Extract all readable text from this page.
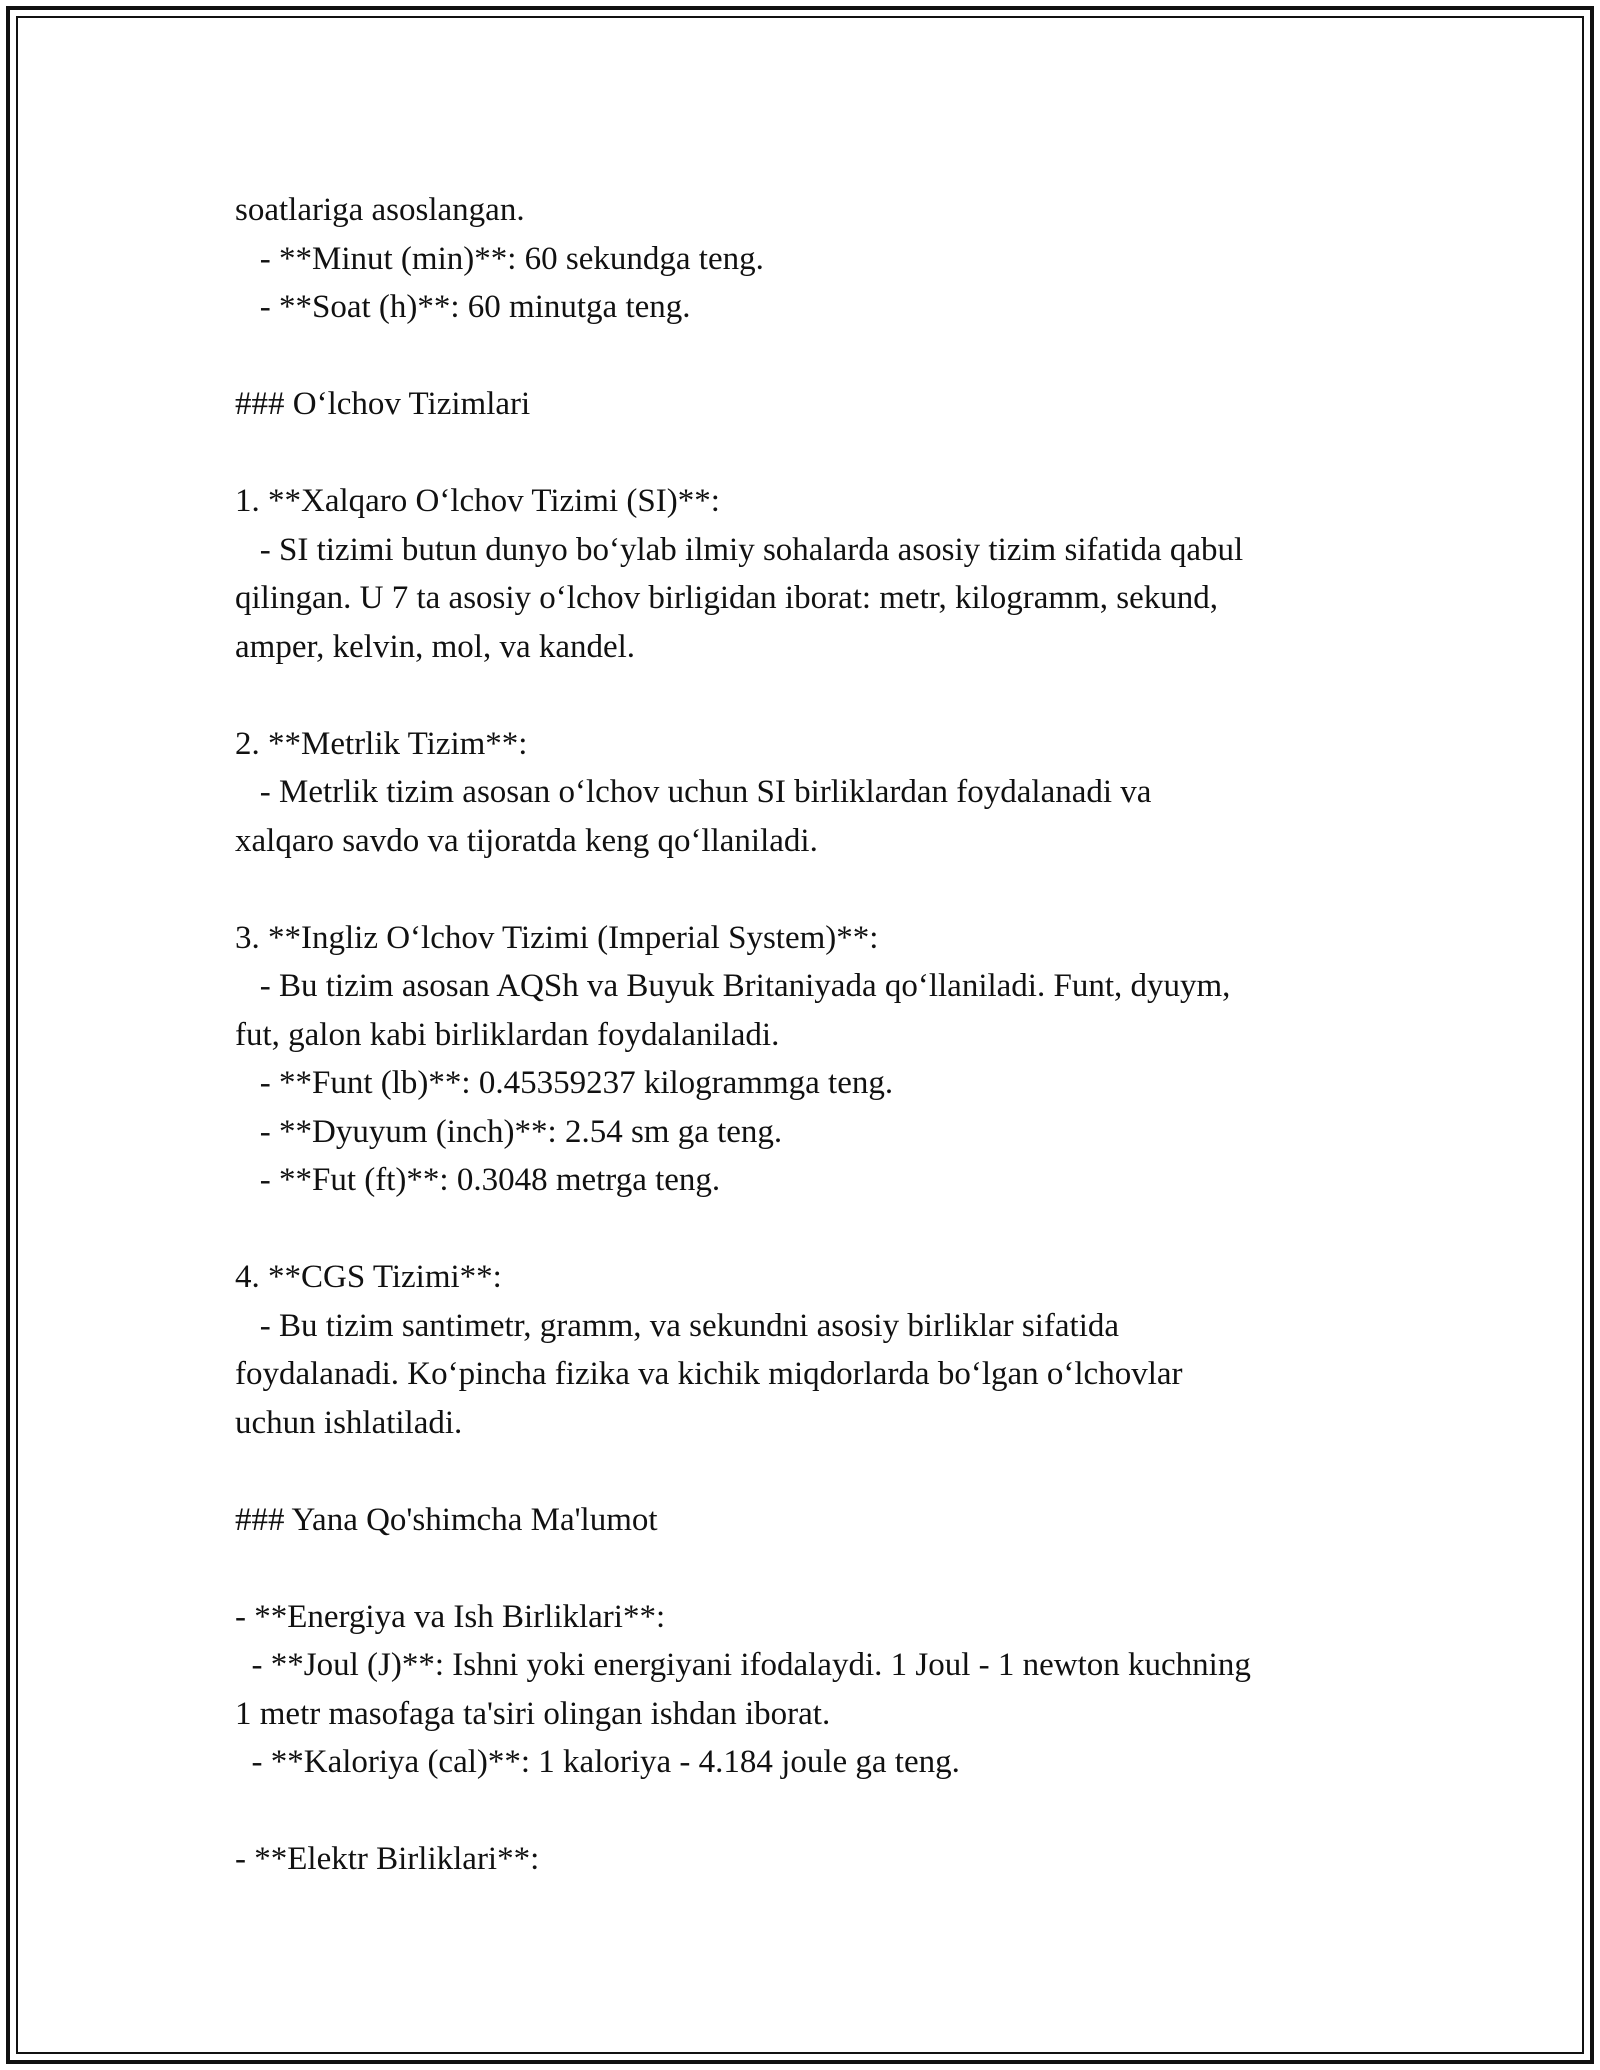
soatlariga asoslangan.
- **Minut (min)**: 60 sekundga teng.
- **Soat (h)**: 60 minutga teng.
### O‘lchov Tizimlari
1. **Xalqaro O‘lchov Tizimi (SI)**:
- SI tizimi butun dunyo bo‘ylab ilmiy sohalarda asosiy tizim sifatida qabul
qilingan. U 7 ta asosiy o‘lchov birligidan iborat: metr, kilogramm, sekund,
amper, kelvin, mol, va kandel.
2. **Metrlik Tizim**:
- Metrlik tizim asosan o‘lchov uchun SI birliklardan foydalanadi va
xalqaro savdo va tijoratda keng qo‘llaniladi.
3. **Ingliz O‘lchov Tizimi (Imperial System)**:
- Bu tizim asosan AQSh va Buyuk Britaniyada qo‘llaniladi. Funt, dyuym,
fut, galon kabi birliklardan foydalaniladi.
- **Funt (lb)**: 0.45359237 kilogrammga teng.
- **Dyuyum (inch)**: 2.54 sm ga teng.
- **Fut (ft)**: 0.3048 metrga teng.
4. **CGS Tizimi**:
- Bu tizim santimetr, gramm, va sekundni asosiy birliklar sifatida
foydalanadi. Ko‘pincha fizika va kichik miqdorlarda bo‘lgan o‘lchovlar
uchun ishlatiladi.
### Yana Qo'shimcha Ma'lumot
- **Energiya va Ish Birliklari**:
- **Joul (J)**: Ishni yoki energiyani ifodalaydi. 1 Joul - 1 newton kuchning
1 metr masofaga ta'siri olingan ishdan iborat.
- **Kaloriya (cal)**: 1 kaloriya - 4.184 joule ga teng.
- **Elektr Birliklari**:
